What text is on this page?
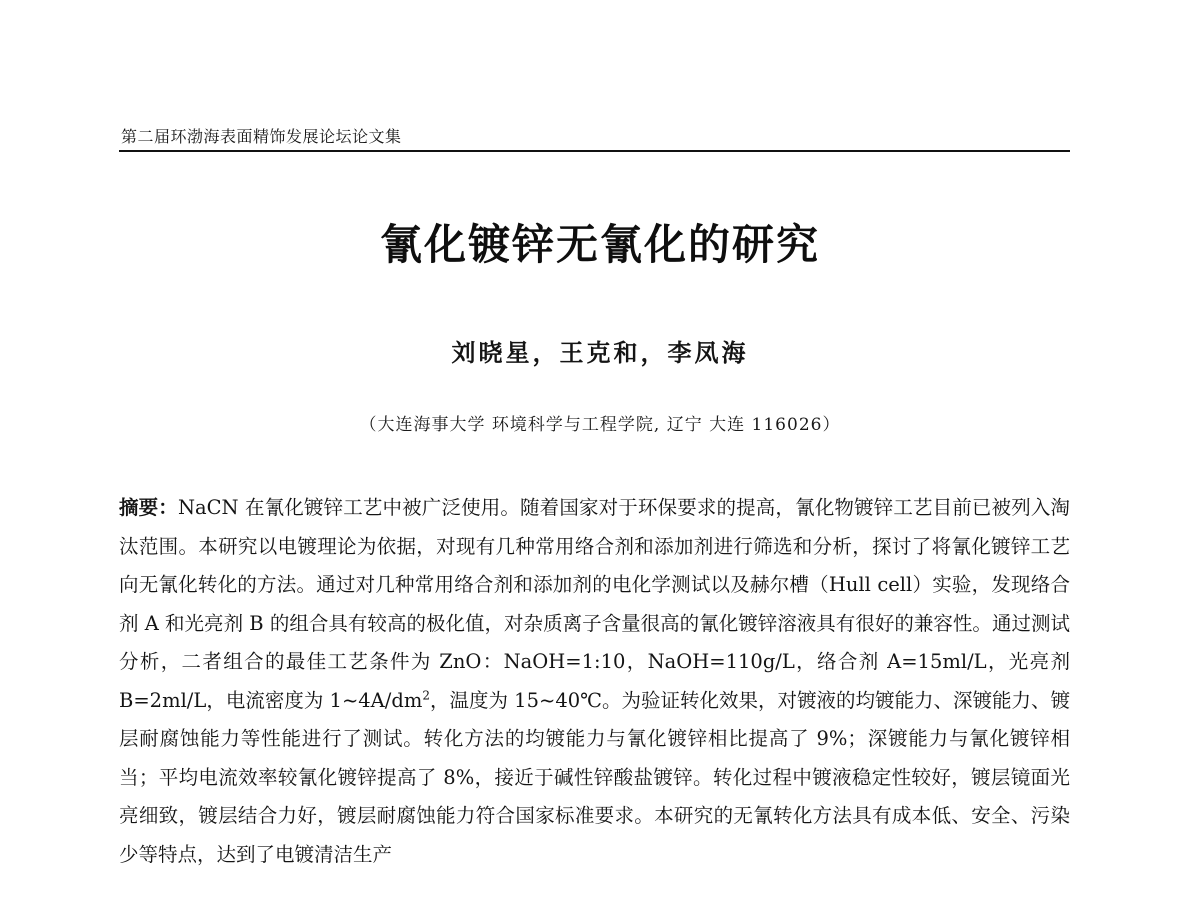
第二届环渤海表面精饰发展论坛论文集
氰化镀锌无氰化的研究
刘晓星，王克和，李凤海
（大连海事大学 环境科学与工程学院, 辽宁 大连 116026）
摘要：NaCN 在氰化镀锌工艺中被广泛使用。随着国家对于环保要求的提高，氰化物镀锌工艺目前已被列入淘汰范围。本研究以电镀理论为依据，对现有几种常用络合剂和添加剂进行筛选和分析，探讨了将氰化镀锌工艺向无氰化转化的方法。通过对几种常用络合剂和添加剂的电化学测试以及赫尔槽（Hull cell）实验，发现络合剂 A 和光亮剂 B 的组合具有较高的极化值，对杂质离子含量很高的氰化镀锌溶液具有很好的兼容性。通过测试分析，二者组合的最佳工艺条件为 ZnO：NaOH=1:10，NaOH=110g/L，络合剂 A=15ml/L，光亮剂 B=2ml/L，电流密度为 $1\sim 4A/dm^2$，温度为 15~40℃。为验证转化效果，对镀液的均镀能力、深镀能力、镀层耐腐蚀能力等性能进行了测试。转化方法的均镀能力与氰化镀锌相比提高了 9%；深镀能力与氰化镀锌相当；平均电流效率较氰化镀锌提高了 8%，接近于碱性锌酸盐镀锌。转化过程中镀液稳定性较好，镀层镜面光亮细致，镀层结合力好，镀层耐腐蚀能力符合国家标准要求。本研究的无氰转化方法具有成本低、安全、污染少等特点，达到了电镀清洁生产
